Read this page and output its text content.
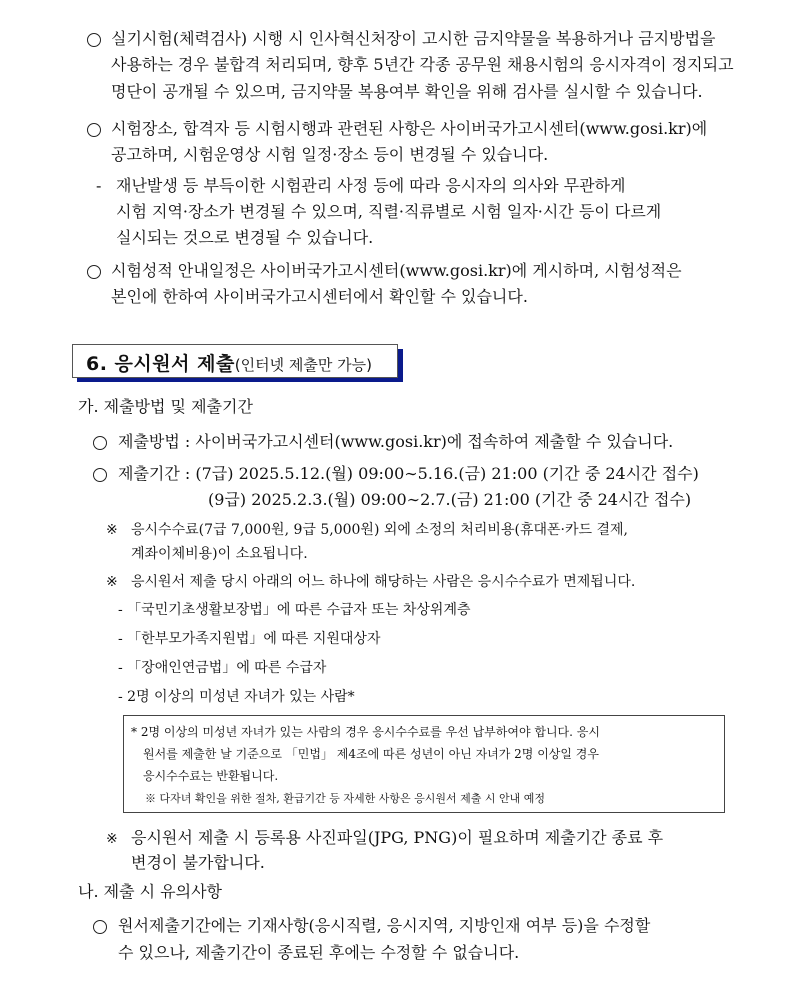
실기시험(체력검사) 시행 시 인사혁신처장이 고시한 금지약물을 복용하거나 금지방법을
사용하는 경우 불합격 처리되며, 향후 5년간 각종 공무원 채용시험의 응시자격이 정지되고
명단이 공개될 수 있으며, 금지약물 복용여부 확인을 위해 검사를 실시할 수 있습니다.
시험장소, 합격자 등 시험시행과 관련된 사항은 사이버국가고시센터(www.gosi.kr)에
공고하며, 시험운영상 시험 일정·장소 등이 변경될 수 있습니다.
- 재난발생 등 부득이한 시험관리 사정 등에 따라 응시자의 의사와 무관하게
시험 지역·장소가 변경될 수 있으며, 직렬·직류별로 시험 일자·시간 등이 다르게
실시되는 것으로 변경될 수 있습니다.
시험성적 안내일정은 사이버국가고시센터(www.gosi.kr)에 게시하며, 시험성적은
본인에 한하여 사이버국가고시센터에서 확인할 수 있습니다.
6. 응시원서 제출(인터넷 제출만 가능)
가. 제출방법 및 제출기간
제출방법 : 사이버국가고시센터(www.gosi.kr)에 접속하여 제출할 수 있습니다.
제출기간 : (7급) 2025.5.12.(월) 09:00∼5.16.(금) 21:00 (기간 중 24시간 접수)
(9급) 2025.2.3.(월) 09:00∼2.7.(금) 21:00 (기간 중 24시간 접수)
※ 응시수수료(7급 7,000원, 9급 5,000원) 외에 소정의 처리비용(휴대폰·카드 결제,
계좌이체비용)이 소요됩니다.
※ 응시원서 제출 당시 아래의 어느 하나에 해당하는 사람은 응시수수료가 면제됩니다.
- 「국민기초생활보장법」에 따른 수급자 또는 차상위계층
- 「한부모가족지원법」에 따른 지원대상자
- 「장애인연금법」에 따른 수급자
- 2명 이상의 미성년 자녀가 있는 사람*
* 2명 이상의 미성년 자녀가 있는 사람의 경우 응시수수료를 우선 납부하여야 합니다. 응시
원서를 제출한 날 기준으로 「민법」 제4조에 따른 성년이 아닌 자녀가 2명 이상일 경우
응시수수료는 반환됩니다.
※ 다자녀 확인을 위한 절차, 환급기간 등 자세한 사항은 응시원서 제출 시 안내 예정
※ 응시원서 제출 시 등록용 사진파일(JPG, PNG)이 필요하며 제출기간 종료 후
변경이 불가합니다.
나. 제출 시 유의사항
원서제출기간에는 기재사항(응시직렬, 응시지역, 지방인재 여부 등)을 수정할
수 있으나, 제출기간이 종료된 후에는 수정할 수 없습니다.
